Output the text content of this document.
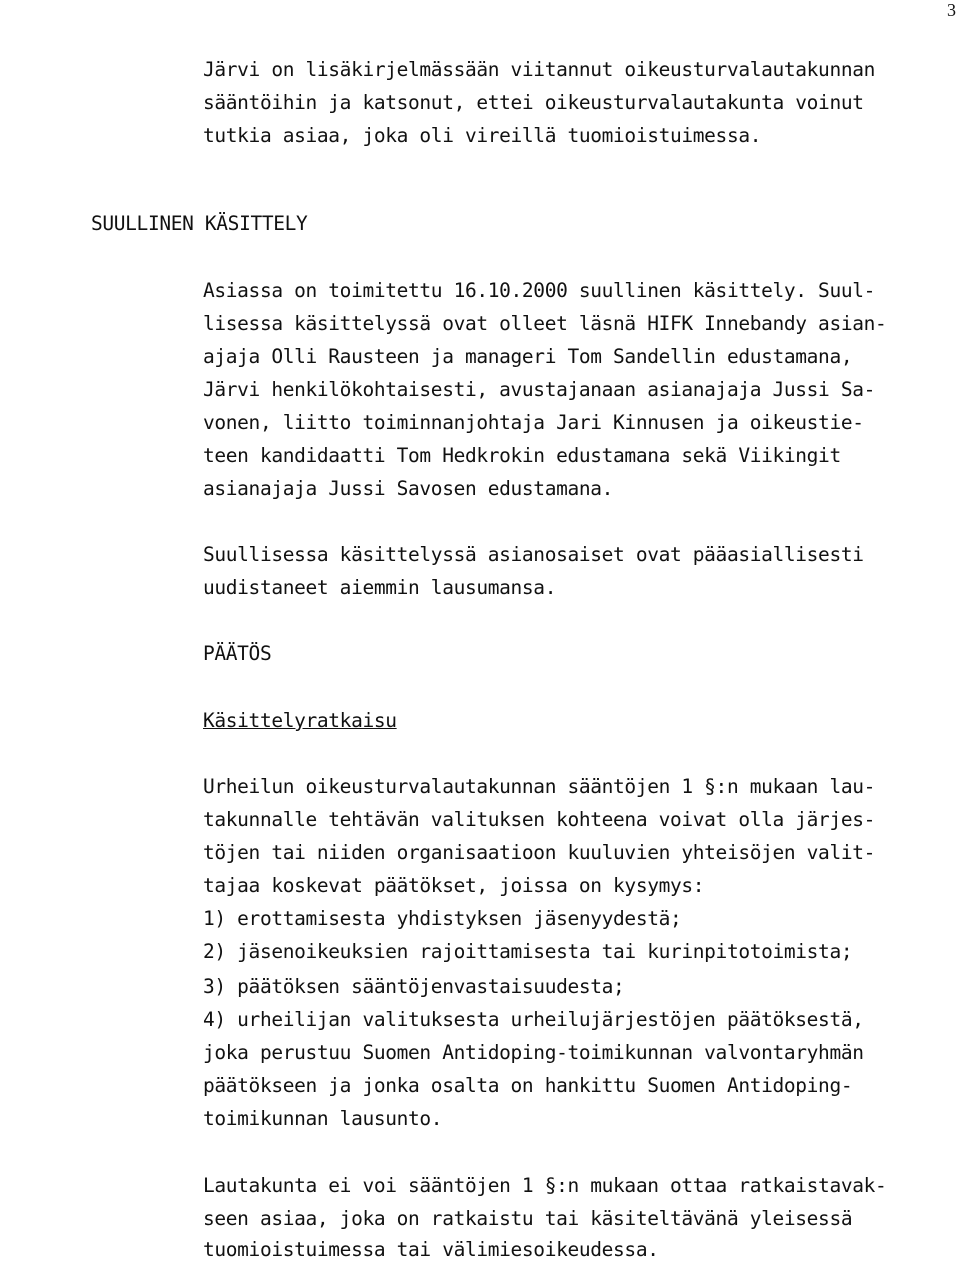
3
Järvi on lisäkirjelmässään viitannut oikeusturvalautakunnan
sääntöihin ja katsonut, ettei oikeusturvalautakunta voinut
tutkia asiaa, joka oli vireillä tuomioistuimessa.
SUULLINEN KÄSITTELY
Asiassa on toimitettu 16.10.2000 suullinen käsittely. Suul-
lisessa käsittelyssä ovat olleet läsnä HIFK Innebandy asian-
ajaja Olli Rausteen ja manageri Tom Sandellin edustamana,
Järvi henkilökohtaisesti, avustajanaan asianajaja Jussi Sa-
vonen, liitto toiminnanjohtaja Jari Kinnusen ja oikeustie-
teen kandidaatti Tom Hedkrokin edustamana sekä Viikingit
asianajaja Jussi Savosen edustamana.
Suullisessa käsittelyssä asianosaiset ovat pääasiallisesti
uudistaneet aiemmin lausumansa.
PÄÄTÖS
Käsittelyratkaisu
Urheilun oikeusturvalautakunnan sääntöjen 1 §:n mukaan lau-
takunnalle tehtävän valituksen kohteena voivat olla järjes-
töjen tai niiden organisaatioon kuuluvien yhteisöjen valit-
tajaa koskevat päätökset, joissa on kysymys:
1) erottamisesta yhdistyksen jäsenyydestä;
2) jäsenoikeuksien rajoittamisesta tai kurinpitotoimista;
3) päätöksen sääntöjenvastaisuudesta;
4) urheilijan valituksesta urheilujärjestöjen päätöksestä,
joka perustuu Suomen Antidoping-toimikunnan valvontaryhmän
päätökseen ja jonka osalta on hankittu Suomen Antidoping-
toimikunnan lausunto.
Lautakunta ei voi sääntöjen 1 §:n mukaan ottaa ratkaistavak-
seen asiaa, joka on ratkaistu tai käsiteltävänä yleisessä
tuomioistuimessa tai välimiesoikeudessa.
